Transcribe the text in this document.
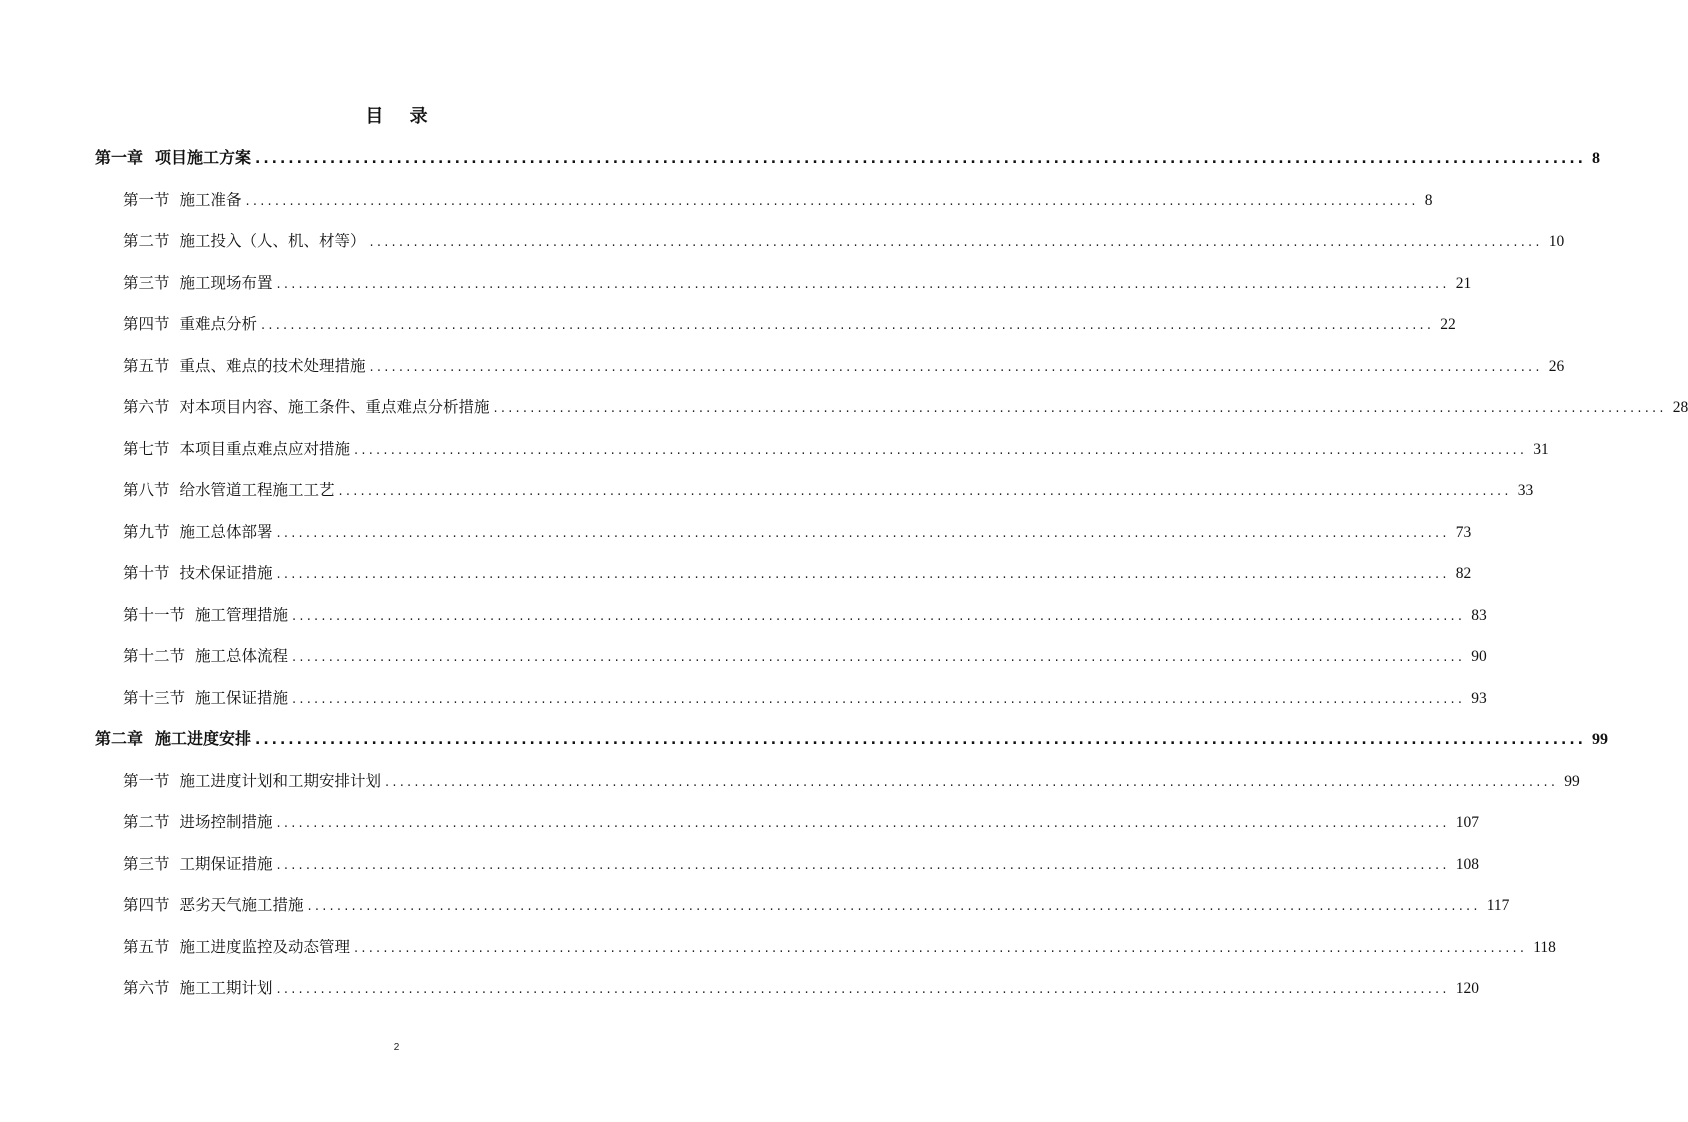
目 录
第一章 项目施工方案 ................................................................................................................................................................ 8
第一节 施工准备 ................................................................................................................................................................ 8
第二节 施工投入（人、机、材等） ................................................................................................................................................................ 10
第三节 施工现场布置 ................................................................................................................................................................ 21
第四节 重难点分析 ................................................................................................................................................................ 22
第五节 重点、难点的技术处理措施 ................................................................................................................................................................ 26
第六节 对本项目内容、施工条件、重点难点分析措施 ................................................................................................................................................................ 28
第七节 本项目重点难点应对措施 ................................................................................................................................................................ 31
第八节 给水管道工程施工工艺 ................................................................................................................................................................ 33
第九节 施工总体部署 ................................................................................................................................................................ 73
第十节 技术保证措施 ................................................................................................................................................................ 82
第十一节 施工管理措施 ................................................................................................................................................................ 83
第十二节 施工总体流程 ................................................................................................................................................................ 90
第十三节 施工保证措施 ................................................................................................................................................................ 93
第二章 施工进度安排 ................................................................................................................................................................ 99
第一节 施工进度计划和工期安排计划 ................................................................................................................................................................ 99
第二节 进场控制措施 ................................................................................................................................................................ 107
第三节 工期保证措施 ................................................................................................................................................................ 108
第四节 恶劣天气施工措施 ................................................................................................................................................................ 117
第五节 施工进度监控及动态管理 ................................................................................................................................................................ 118
第六节 施工工期计划 ................................................................................................................................................................ 120
2
